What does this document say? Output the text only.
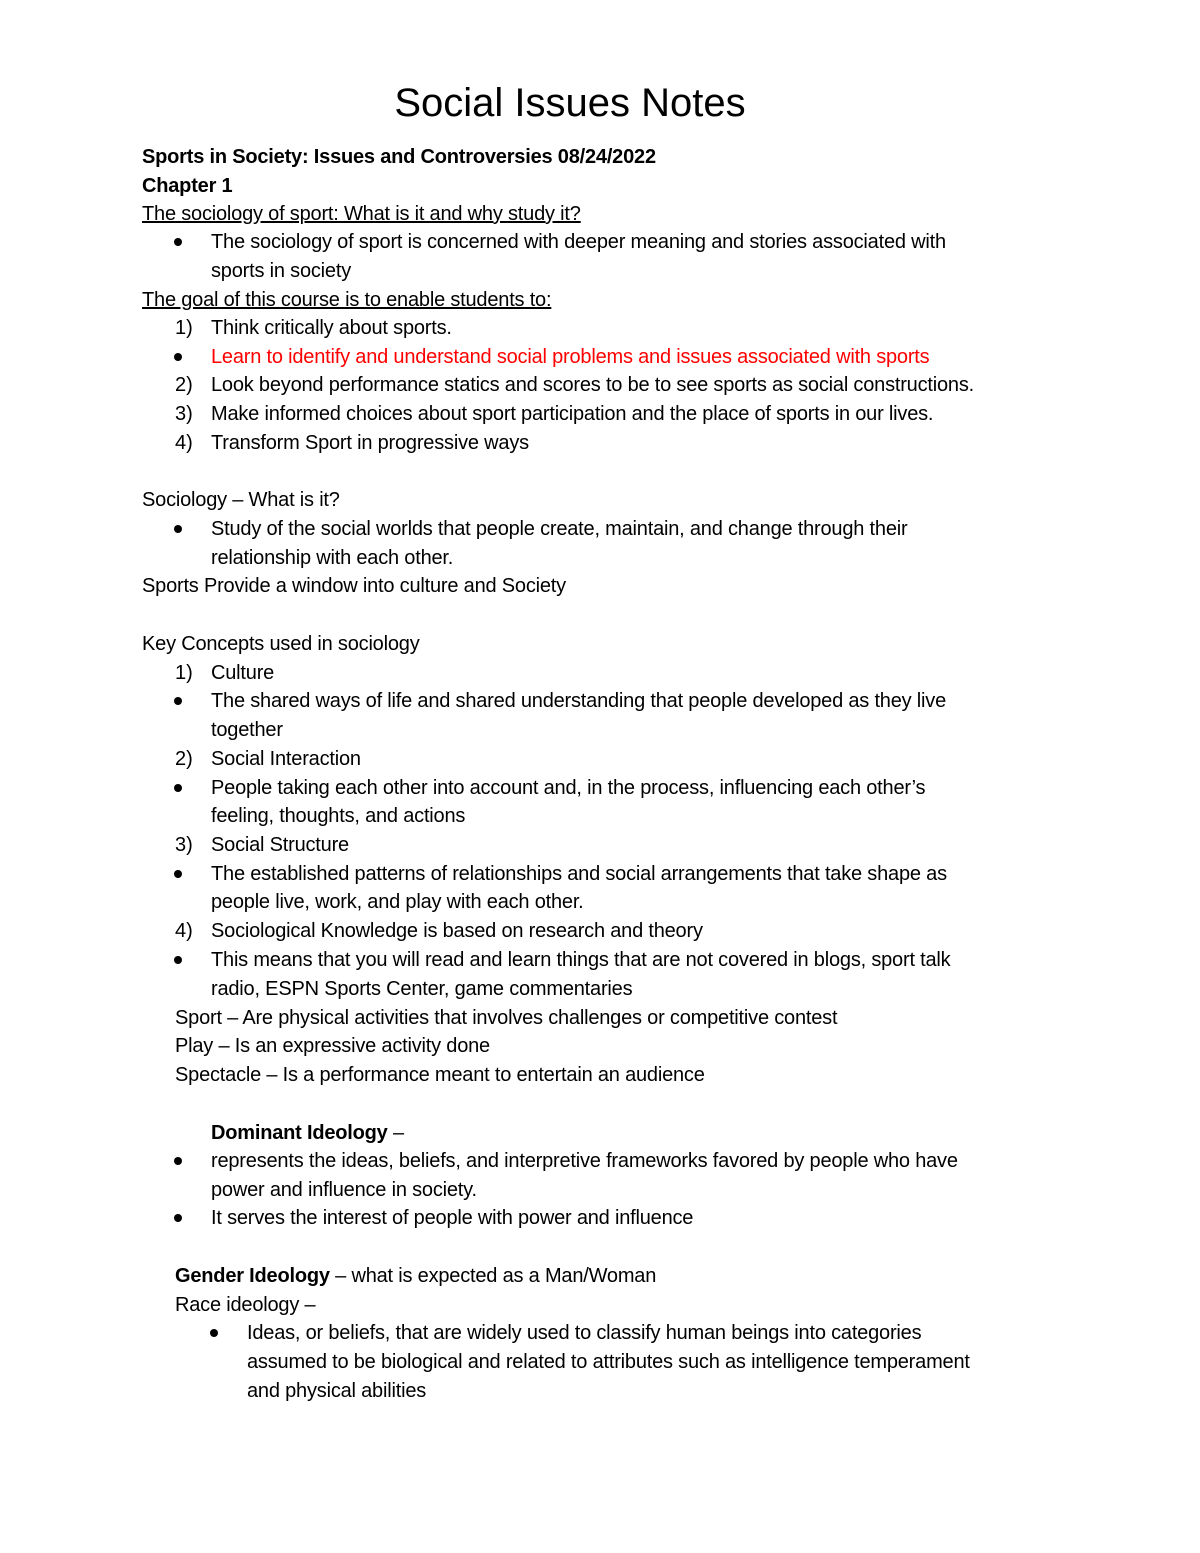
Social Issues Notes
Sports in Society: Issues and Controversies 08/24/2022
Chapter 1
The sociology of sport: What is it and why study it?
The sociology of sport is concerned with deeper meaning and stories associated with
sports in society
The goal of this course is to enable students to:
1) Think critically about sports.
Learn to identify and understand social problems and issues associated with sports
2) Look beyond performance statics and scores to be to see sports as social constructions.
3) Make informed choices about sport participation and the place of sports in our lives.
4) Transform Sport in progressive ways
Sociology – What is it?
Study of the social worlds that people create, maintain, and change through their
relationship with each other.
Sports Provide a window into culture and Society
Key Concepts used in sociology
1) Culture
The shared ways of life and shared understanding that people developed as they live
together
2) Social Interaction
People taking each other into account and, in the process, influencing each other’s
feeling, thoughts, and actions
3) Social Structure
The established patterns of relationships and social arrangements that take shape as
people live, work, and play with each other.
4) Sociological Knowledge is based on research and theory
This means that you will read and learn things that are not covered in blogs, sport talk
radio, ESPN Sports Center, game commentaries
Sport – Are physical activities that involves challenges or competitive contest
Play – Is an expressive activity done
Spectacle – Is a performance meant to entertain an audience
Dominant Ideology –
represents the ideas, beliefs, and interpretive frameworks favored by people who have
power and influence in society.
It serves the interest of people with power and influence
Gender Ideology – what is expected as a Man/Woman
Race ideology –
Ideas, or beliefs, that are widely used to classify human beings into categories
assumed to be biological and related to attributes such as intelligence temperament
and physical abilities
